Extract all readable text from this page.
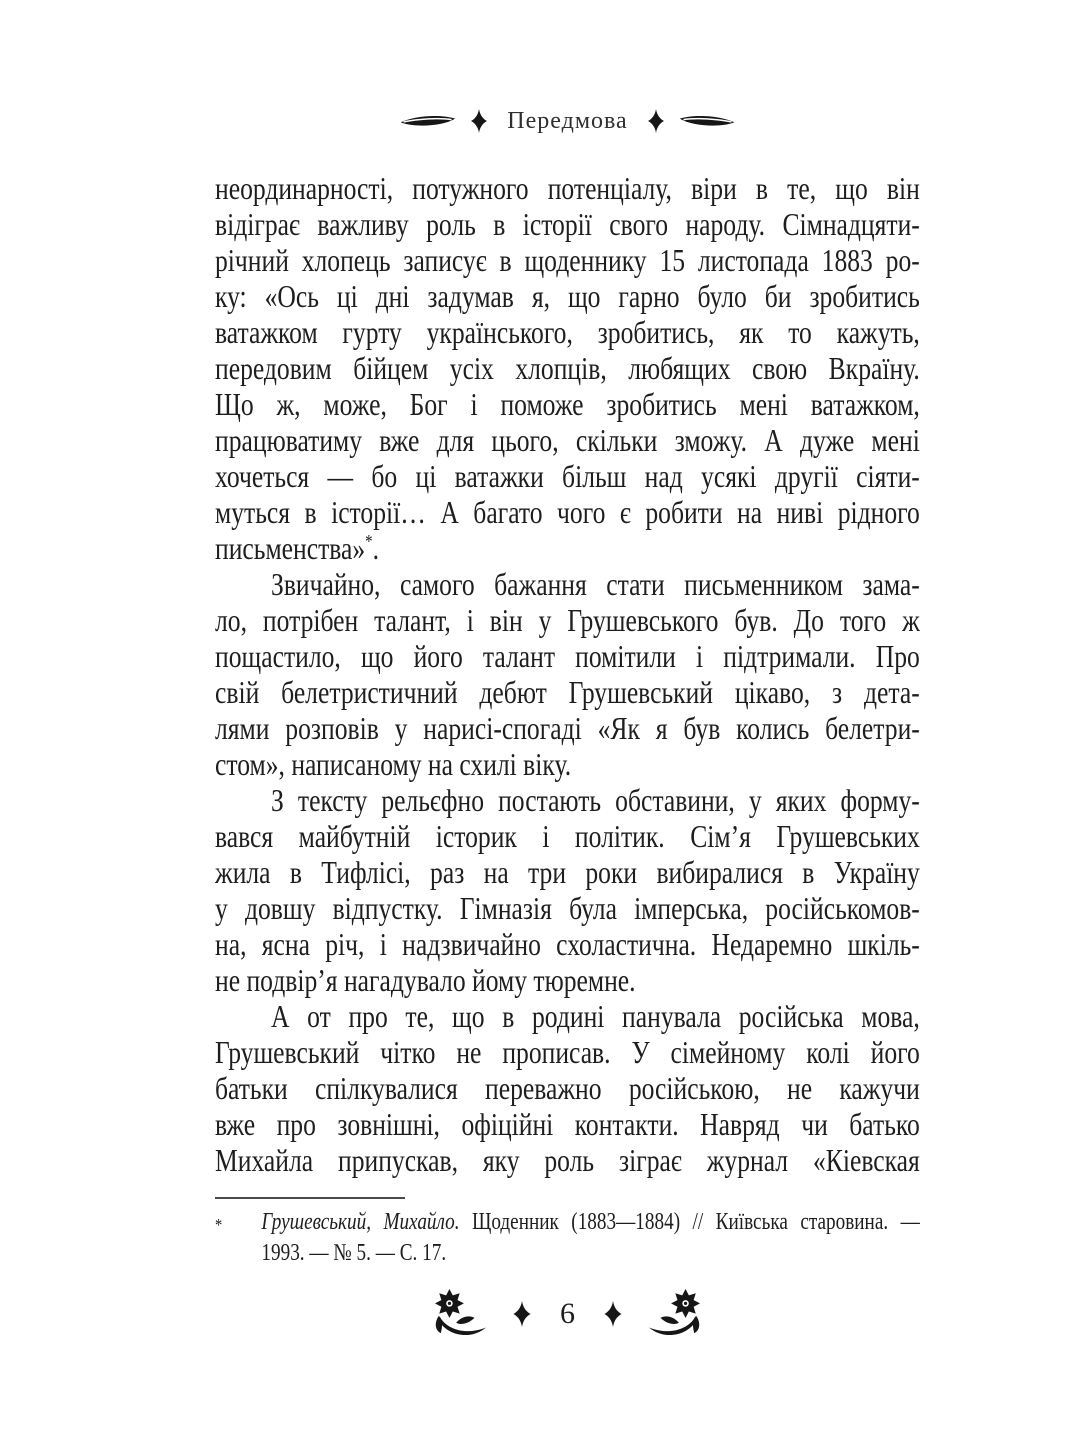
Передмова
неординарності, потужного потенціалу, віри в те, що він
відіграє важливу роль в історії свого народу. Сімнадцяти-
річний хлопець записує в щоденнику 15 листопада 1883 ро-
ку: «Ось ці дні задумав я, що гарно було би зробитись
ватажком гурту українського, зробитись, як то кажуть,
передовим бійцем усіх хлопців, любящих свою Вкраїну.
Що ж, може, Бог і поможе зробитись мені ватажком,
працюватиму вже для цього, скільки зможу. А дуже мені
хочеться — бо ці ватажки більш над усякі другії сіяти-
муться в історії… А багато чого є робити на ниві рідного
письменства»*.
Звичайно, самого бажання стати письменником зама-
ло, потрібен талант, і він у Грушевського був. До того ж
пощастило, що його талант помітили і підтримали. Про
свій белетристичний дебют Грушевський цікаво, з дета-
лями розповів у нарисі-спогаді «Як я був колись белетри-
стом», написаному на схилі віку.
З тексту рельєфно постають обставини, у яких форму-
вався майбутній історик і політик. Сім’я Грушевських
жила в Тифлісі, раз на три роки вибиралися в Україну
у довшу відпустку. Гімназія була імперська, російськомов-
на, ясна річ, і надзвичайно схоластична. Недаремно шкіль-
не подвір’я нагадувало йому тюремне.
А от про те, що в родині панувала російська мова,
Грушевський чітко не прописав. У сімейному колі його
батьки спілкувалися переважно російською, не кажучи
вже про зовнішні, офіційні контакти. Навряд чи батько
Михайла припускав, яку роль зіграє журнал «Кіевская
*	Грушевський, Михайло. Щоденник (1883—1884) // Київська старовина. —
1993. — № 5. — С. 17.
6
